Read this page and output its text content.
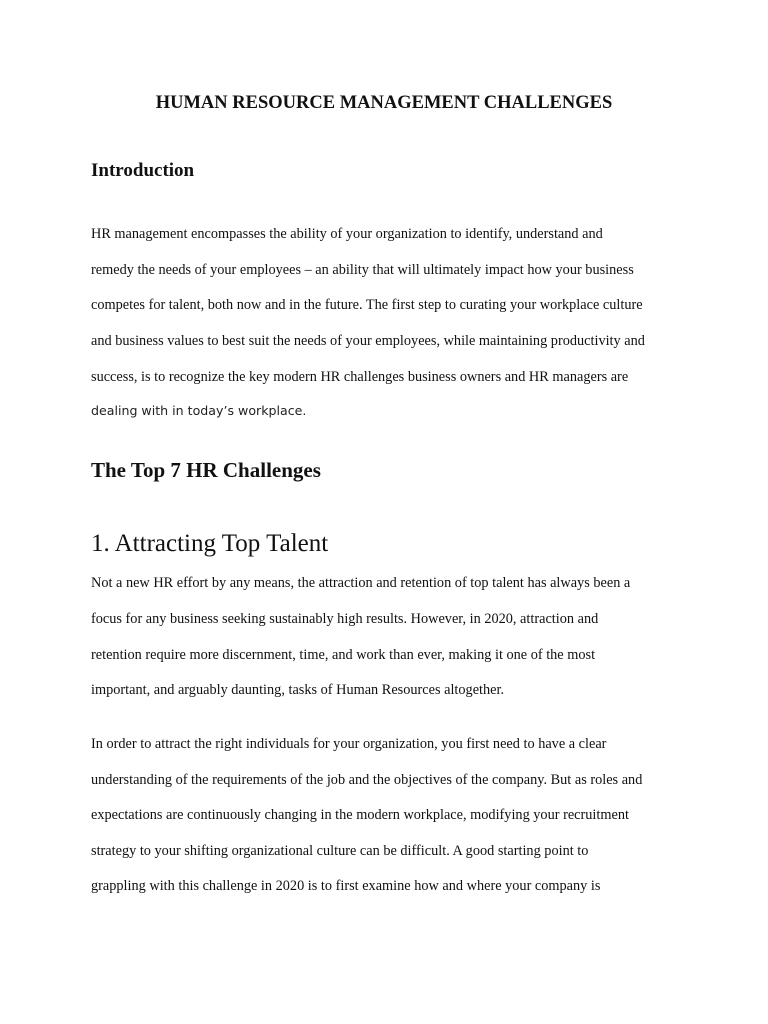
HUMAN RESOURCE MANAGEMENT CHALLENGES
Introduction
HR management encompasses the ability of your organization to identify, understand and
remedy the needs of your employees – an ability that will ultimately impact how your business
competes for talent, both now and in the future. The first step to curating your workplace culture
and business values to best suit the needs of your employees, while maintaining productivity and
success, is to recognize the key modern HR challenges business owners and HR managers are
dealing with in today’s workplace.
The Top 7 HR Challenges
1. Attracting Top Talent
Not a new HR effort by any means, the attraction and retention of top talent has always been a
focus for any business seeking sustainably high results. However, in 2020, attraction and
retention require more discernment, time, and work than ever, making it one of the most
important, and arguably daunting, tasks of Human Resources altogether.
In order to attract the right individuals for your organization, you first need to have a clear
understanding of the requirements of the job and the objectives of the company. But as roles and
expectations are continuously changing in the modern workplace, modifying your recruitment
strategy to your shifting organizational culture can be difficult. A good starting point to
grappling with this challenge in 2020 is to first examine how and where your company is
